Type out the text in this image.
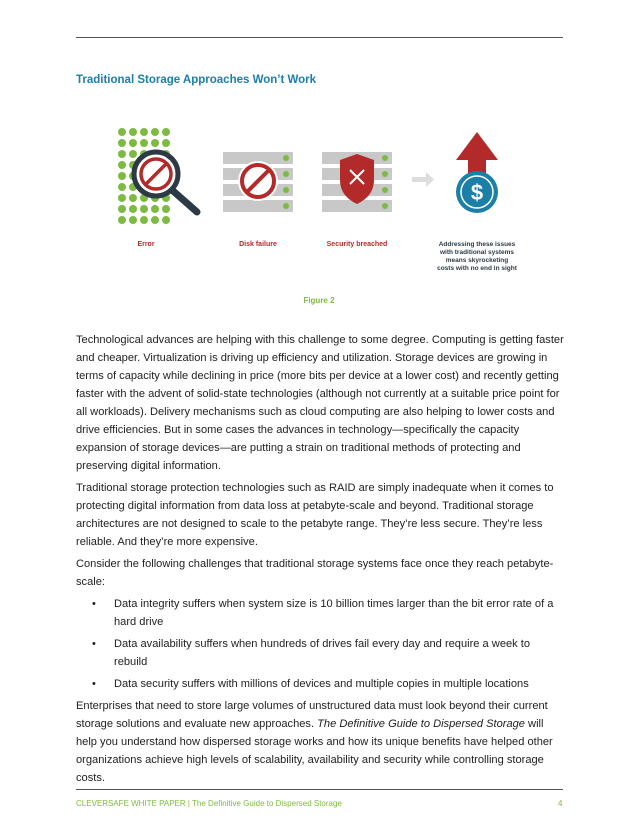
Traditional Storage Approaches Won’t Work
$
Error	Disk failure	Security breached	Addressing these issues
with traditional systems
means skyrocketing
costs with no end in sight
Figure 2

Technological advances are helping with this challenge to some degree. Computing is getting faster and cheaper. Virtualization is driving up efficiency and utilization. Storage devices are growing in terms of capacity while declining in price (more bits per device at a lower cost) and recently getting faster with the advent of solid-state technologies (although not currently at a suitable price point for all workloads). Delivery mechanisms such as cloud computing are also helping to lower costs and drive efficiencies. But in some cases the advances in technology—specifically the capacity expansion of storage devices—are putting a strain on traditional methods of protecting and preserving digital information.

Traditional storage protection technologies such as RAID are simply inadequate when it comes to protecting digital information from data loss at petabyte-scale and beyond. Traditional storage architectures are not designed to scale to the petabyte range. They’re less secure. They’re less reliable. And they’re more expensive.

Consider the following challenges that traditional storage systems face once they reach petabyte-scale:

• Data integrity suffers when system size is 10 billion times larger than the bit error rate of a hard drive
• Data availability suffers when hundreds of drives fail every day and require a week to rebuild
• Data security suffers with millions of devices and multiple copies in multiple locations

Enterprises that need to store large volumes of unstructured data must look beyond their current storage solutions and evaluate new approaches. The Definitive Guide to Dispersed Storage will help you understand how dispersed storage works and how its unique benefits have helped other organizations achieve high levels of scalability, availability and security while controlling storage costs.

CLEVERSAFE WHITE PAPER | The Definitive Guide to Dispersed Storage	4
